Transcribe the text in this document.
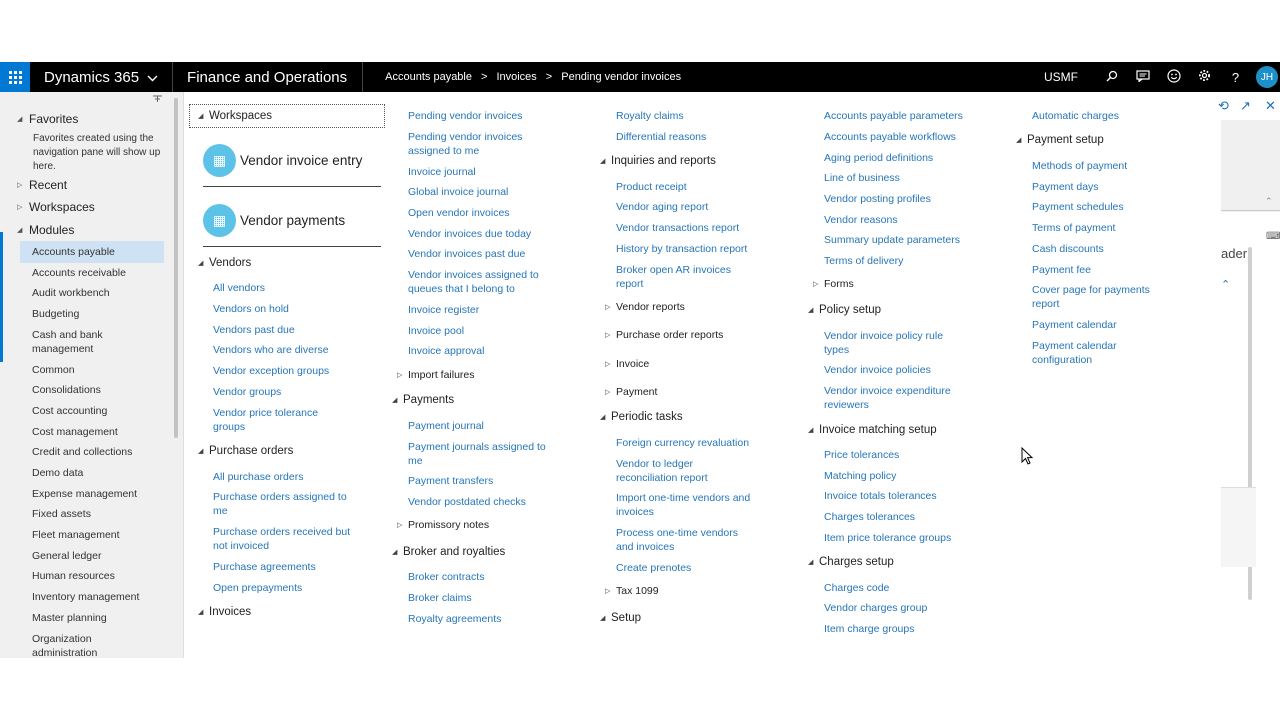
Dynamics 365	Finance and Operations	Accounts payable > Invoices > Pending vendor invoices	USMF	?	JH
◢ Favorites
Favorites created using the navigation pane will show up here.
▷ Recent
▷ Workspaces
◢ Modules
Accounts payable
Accounts receivable
Audit workbench
Budgeting
Cash and bank management
Common
Consolidations
Cost accounting
Cost management
Credit and collections
Demo data
Expense management
Fixed assets
Fleet management
General ledger
Human resources
Inventory management
Master planning
Organization administration
◢ Workspaces
▦	Vendor invoice entry
▦	Vendor payments
◢ Vendors
All vendors
Vendors on hold
Vendors past due
Vendors who are diverse
Vendor exception groups
Vendor groups
Vendor price tolerance groups
◢ Purchase orders
All purchase orders
Purchase orders assigned to me
Purchase orders received but not invoiced
Purchase agreements
Open prepayments
◢ Invoices
Pending vendor invoices
Pending vendor invoices assigned to me
Invoice journal
Global invoice journal
Open vendor invoices
Vendor invoices due today
Vendor invoices past due
Vendor invoices assigned to queues that I belong to
Invoice register
Invoice pool
Invoice approval
▷ Import failures
◢ Payments
Payment journal
Payment journals assigned to me
Payment transfers
Vendor postdated checks
▷ Promissory notes
◢ Broker and royalties
Broker contracts
Broker claims
Royalty agreements
Royalty claims
Differential reasons
◢ Inquiries and reports
Product receipt
Vendor aging report
Vendor transactions report
History by transaction report
Broker open AR invoices report
▷ Vendor reports
▷ Purchase order reports
▷ Invoice
▷ Payment
◢ Periodic tasks
Foreign currency revaluation
Vendor to ledger reconciliation report
Import one-time vendors and invoices
Process one-time vendors and invoices
Create prenotes
▷ Tax 1099
◢ Setup
Accounts payable parameters
Accounts payable workflows
Aging period definitions
Line of business
Vendor posting profiles
Vendor reasons
Summary update parameters
Terms of delivery
▷ Forms
◢ Policy setup
Vendor invoice policy rule types
Vendor invoice policies
Vendor invoice expenditure reviewers
◢ Invoice matching setup
Price tolerances
Matching policy
Invoice totals tolerances
Charges tolerances
Item price tolerance groups
◢ Charges setup
Charges code
Vendor charges group
Item charge groups
Automatic charges
◢ Payment setup
Methods of payment
Payment days
Payment schedules
Terms of payment
Cash discounts
Payment fee
Cover page for payments report
Payment calendar
Payment calendar configuration
⟲ ↗ ✕
⌃
⌨
ader
⌃
